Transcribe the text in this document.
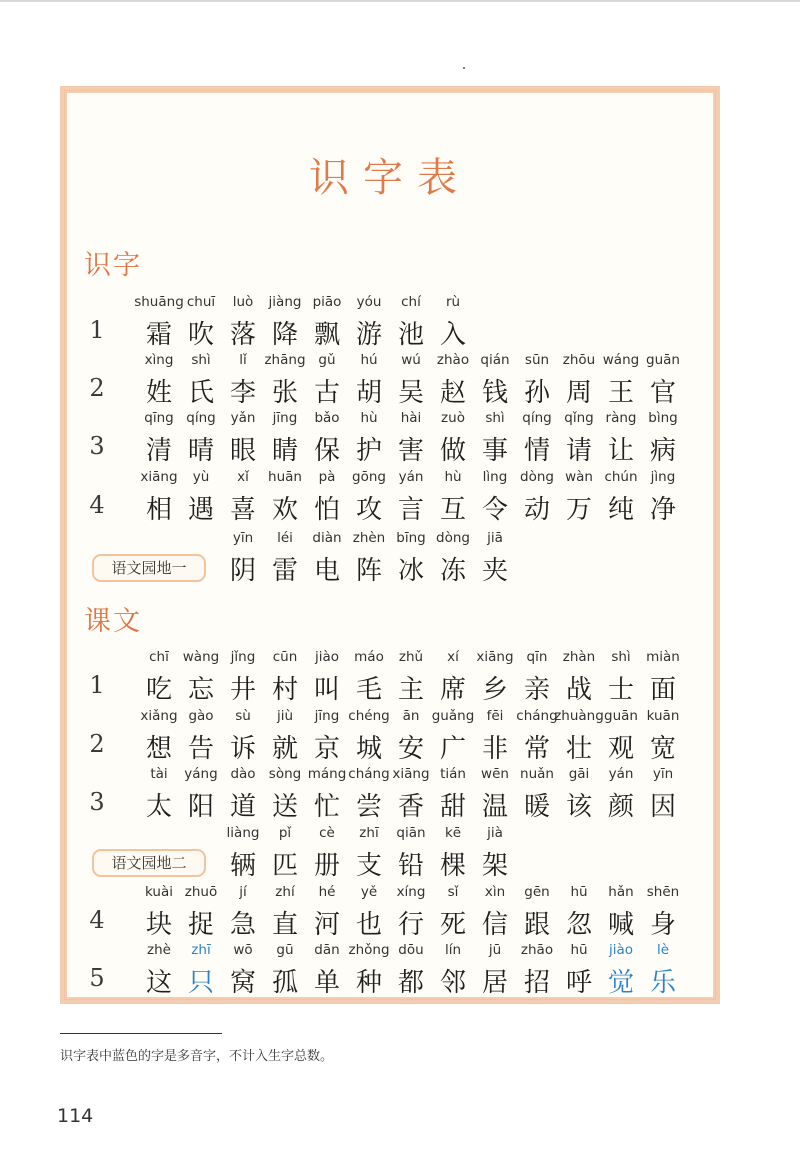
识字表
识字
1
shuāng
霜
chuī
吹
luò
落
jiàng
降
piāo
飘
yóu
游
chí
池
rù
入
2
xìng
姓
shì
氏
lǐ
李
zhāng
张
gǔ
古
hú
胡
wú
吴
zhào
赵
qián
钱
sūn
孙
zhōu
周
wáng
王
guān
官
3
qīng
清
qíng
晴
yǎn
眼
jīng
睛
bǎo
保
hù
护
hài
害
zuò
做
shì
事
qíng
情
qǐng
请
ràng
让
bìng
病
4
xiāng
相
yù
遇
xǐ
喜
huān
欢
pà
怕
gōng
攻
yán
言
hù
互
lìng
令
dòng
动
wàn
万
chún
纯
jìng
净
语文园地一
yīn
阴
léi
雷
diàn
电
zhèn
阵
bīng
冰
dòng
冻
jiā
夹
课文
1
chī
吃
wàng
忘
jǐng
井
cūn
村
jiào
叫
máo
毛
zhǔ
主
xí
席
xiāng
乡
qīn
亲
zhàn
战
shì
士
miàn
面
2
xiǎng
想
gào
告
sù
诉
jiù
就
jīng
京
chéng
城
ān
安
guǎng
广
fēi
非
cháng
常
zhuàng
壮
guān
观
kuān
宽
3
tài
太
yáng
阳
dào
道
sòng
送
máng
忙
cháng
尝
xiāng
香
tián
甜
wēn
温
nuǎn
暖
gāi
该
yán
颜
yīn
因
语文园地二
liàng
辆
pǐ
匹
cè
册
zhī
支
qiān
铅
kē
棵
jià
架
4
kuài
块
zhuō
捉
jí
急
zhí
直
hé
河
yě
也
xíng
行
sǐ
死
xìn
信
gēn
跟
hū
忽
hǎn
喊
shēn
身
5
zhè
这
zhī
只
wō
窝
gū
孤
dān
单
zhǒng
种
dōu
都
lín
邻
jū
居
zhāo
招
hū
呼
jiào
觉
lè
乐
识字表中蓝色的字是多音字，不计入生字总数。
114
